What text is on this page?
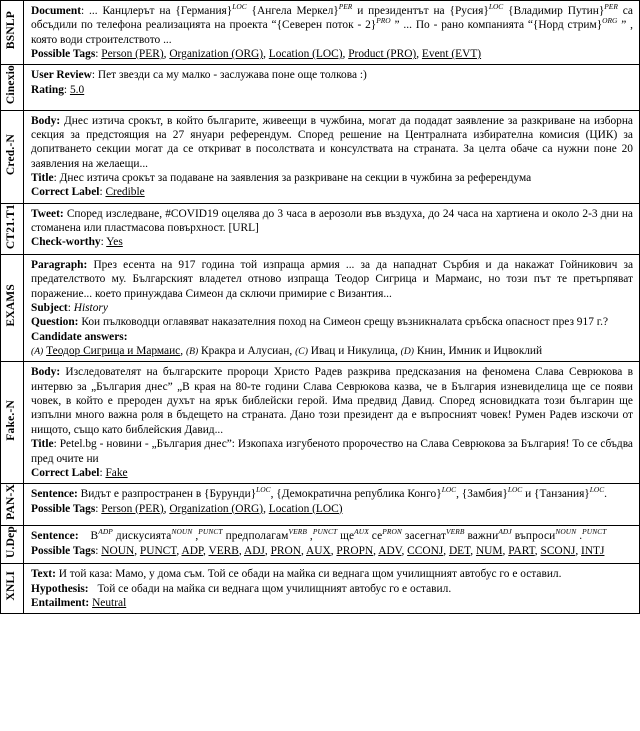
BSNLP	Document: ... Канцлерът на {Германия}$^{LOC}$ {Ангела Меркел}$^{PER}$ и президентът на {Русия}$^{LOC}$ {Владимир Путин}$^{PER}$ са обсъдили по телефона реализацията на проекта “{Северен поток - 2}$^{PRO}$ ” ... По - рано компанията “{Норд стрим}$^{ORG}$ ” , която води строителството ...
Possible Tags: Person (PER), Organization (ORG), Location (LOC), Product (PRO), Event (EVT)

Cinexio	User Review: Пет звезди са му малко - заслужава поне още толкова :)
Rating: 5.0

Cred.-N	Body: Днес изтича срокът, в който българите, живеещи в чужбина, могат да подадат заявление за разкриване на изборна секция за предстоящия на 27 януари референдум. Според решение на Централната избирателна комисия (ЦИК) за допитването секции могат да се откриват в посолствата и консулствата на страната. За целта обаче са нужни поне 20 заявления на желаещи...
Title: Днес изтича срокът за подаване на заявления за разкриване на секции в чужбина за референдума
Correct Label: Credible

CT21.T1	Tweet: Според изследване, #COVID19 оцелява до 3 часа в аерозоли във въздуха, до 24 часа на хартиена и около 2-3 дни на стоманена или пластмасова повърхност. [URL]
Check-worthy: Yes

EXAMS	Paragraph: През есента на 917 година той изпраща армия ... за да нападнат Сърбия и да накажат Гойникович за предателството му. Българският владетел отново изпраща Теодор Сигрица и Мармаис, но този път те претърпяват поражение... което принуждава Симеон да сключи примирие с Византия...
Subject: History
Question: Кои пълководци оглавяват наказателния поход на Симеон срещу възникналата сръбска опасност през 917 г.?
Candidate answers:
(A) Теодор Сигрица и Мармаис, (B) Кракра и Алусиан, (C) Ивац и Никулица, (D) Книн, Имник и Ицвоклий

Fake.-N	Body: Изследователят на българските пророци Христо Радев разкрива предсказания на феномена Слава Севрюкова в интервю за „България днес” „В края на 80-те години Слава Севрюкова казва, че в България изневиделица ще се появи човек, в който е прероден духът на ярък библейски герой. Има предвид Давид. Според ясновидката този българин ще изпълни много важна роля в бъдещето на страната. Дано този президент да е въпросният човек! Румен Радев изскочи от нищото, също като библейския Давид...
Title: Petel.bg - новини - „България днес”: Изкопаха изгубеното пророчество на Слава Севрюкова за България! То се сбъдва пред очите ни
Correct Label: Fake

PAN-X	Sentence: Видът е разпространен в {Бурунди}$^{LOC}$, {Демократична република Конго}$^{LOC}$, {Замбия}$^{LOC}$ и {Танзания}$^{LOC}$.
Possible Tags: Person (PER), Organization (ORG), Location (LOC)

U.Dep	Sentence: $В^{ADP}$ дискусията$^{NOUN}$ ,$^{PUNCT}$ предполагам$^{VERB}$ ,$^{PUNCT}$ $ще^{AUX}$ $се^{PRON}$ засегнат$^{VERB}$ важни$^{ADJ}$ въпроси$^{NOUN}$ .$^{PUNCT}$
Possible Tags: NOUN, PUNCT, ADP, VERB, ADJ, PRON, AUX, PROPN, ADV, CCONJ, DET, NUM, PART, SCONJ, INTJ

XNLI	Text: И той каза: Мамо, у дома съм. Той се обади на майка си веднага щом училищният автобус го е оставил.
Hypothesis: Той се обади на майка си веднага щом училищният автобус го е оставил.
Entailment: Neutral
